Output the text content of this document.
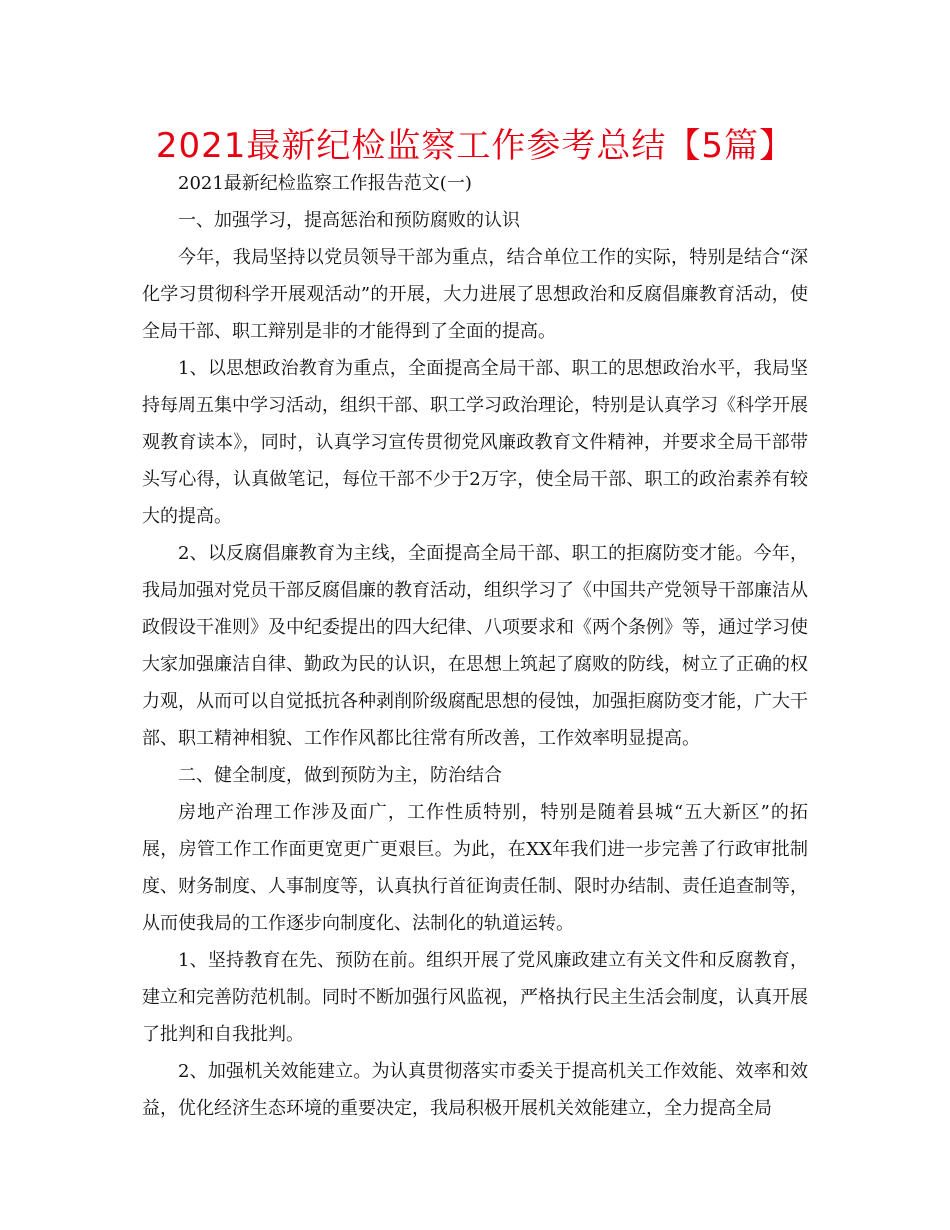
2021最新纪检监察工作参考总结【5篇】

2021最新纪检监察工作报告范文(一)

一、加强学习，提高惩治和预防腐败的认识

今年，我局坚持以党员领导干部为重点，结合单位工作的实际，特别是结合“深化学习贯彻科学开展观活动”的开展，大力进展了思想政治和反腐倡廉教育活动，使全局干部、职工辩别是非的才能得到了全面的提高。

1、以思想政治教育为重点，全面提高全局干部、职工的思想政治水平，我局坚持每周五集中学习活动，组织干部、职工学习政治理论，特别是认真学习《科学开展观教育读本》，同时，认真学习宣传贯彻党风廉政教育文件精神，并要求全局干部带头写心得，认真做笔记，每位干部不少于2万字，使全局干部、职工的政治素养有较大的提高。

2、以反腐倡廉教育为主线，全面提高全局干部、职工的拒腐防变才能。今年，我局加强对党员干部反腐倡廉的教育活动，组织学习了《中国共产党领导干部廉洁从政假设干准则》及中纪委提出的四大纪律、八项要求和《两个条例》等，通过学习使大家加强廉洁自律、勤政为民的认识，在思想上筑起了腐败的防线，树立了正确的权力观，从而可以自觉抵抗各种剥削阶级腐配思想的侵蚀，加强拒腐防变才能，广大干部、职工精神相貌、工作作风都比往常有所改善，工作效率明显提高。

二、健全制度，做到预防为主，防治结合

房地产治理工作涉及面广，工作性质特别，特别是随着县城“五大新区”的拓展，房管工作工作面更宽更广更艰巨。为此，在XX年我们进一步完善了行政审批制度、财务制度、人事制度等，认真执行首征询责任制、限时办结制、责任追查制等，从而使我局的工作逐步向制度化、法制化的轨道运转。

1、坚持教育在先、预防在前。组织开展了党风廉政建立有关文件和反腐教育，建立和完善防范机制。同时不断加强行风监视，严格执行民主生活会制度，认真开展了批判和自我批判。

2、加强机关效能建立。为认真贯彻落实市委关于提高机关工作效能、效率和效益，优化经济生态环境的重要决定，我局积极开展机关效能建立，全力提高全局
